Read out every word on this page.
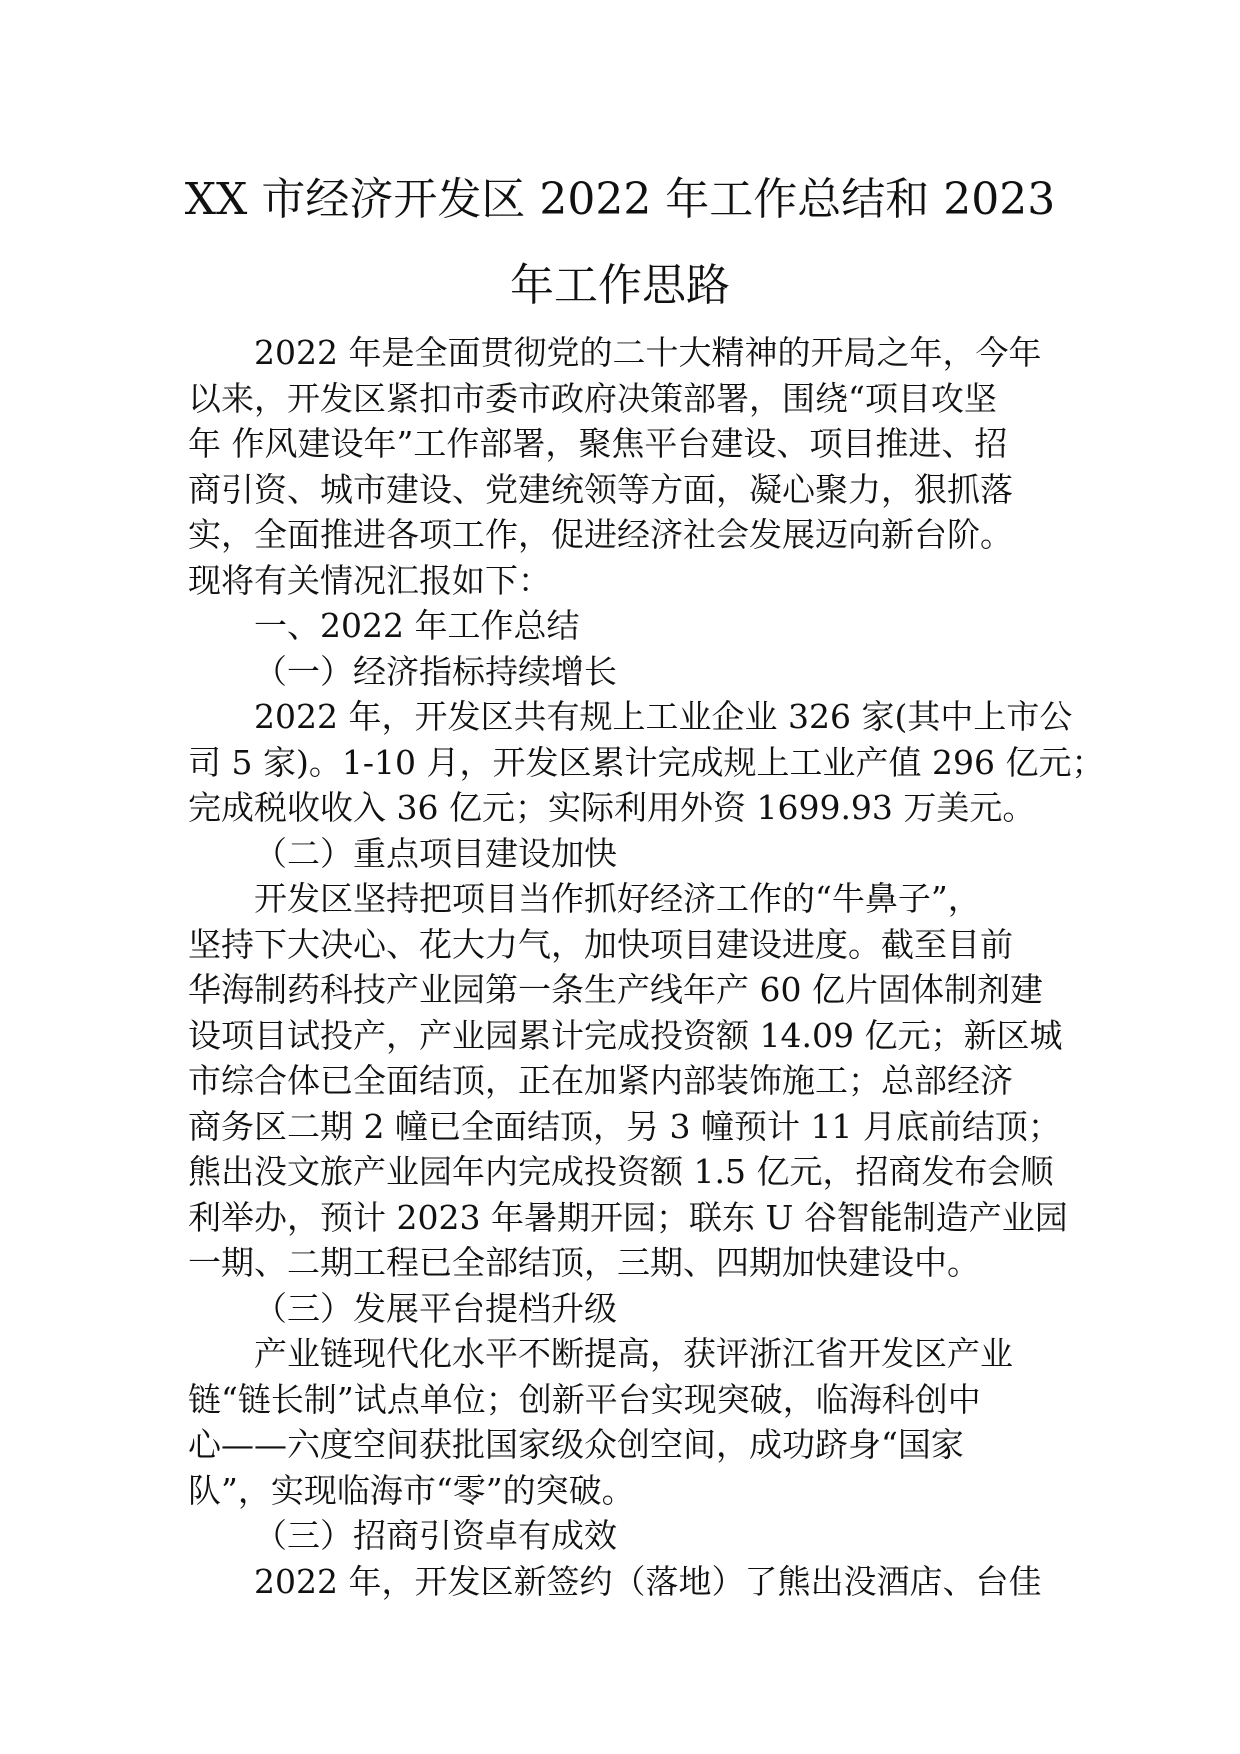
XX 市经济开发区 2022 年工作总结和 2023
年工作思路
2022 年是全面贯彻党的二十大精神的开局之年，今年
以来，开发区紧扣市委市政府决策部署，围绕“项目攻坚
年 作风建设年”工作部署，聚焦平台建设、项目推进、招
商引资、城市建设、党建统领等方面，凝心聚力，狠抓落
实，全面推进各项工作，促进经济社会发展迈向新台阶。
现将有关情况汇报如下：
一、2022 年工作总结
（一）经济指标持续增长
2022 年，开发区共有规上工业企业 326 家(其中上市公
司 5 家)。1-10 月，开发区累计完成规上工业产值 296 亿元；
完成税收收入 36 亿元；实际利用外资 1699.93 万美元。
（二）重点项目建设加快
开发区坚持把项目当作抓好经济工作的“牛鼻子”，
坚持下大决心、花大力气，加快项目建设进度。截至目前
华海制药科技产业园第一条生产线年产 60 亿片固体制剂建
设项目试投产，产业园累计完成投资额 14.09 亿元；新区城
市综合体已全面结顶，正在加紧内部装饰施工；总部经济
商务区二期 2 幢已全面结顶，另 3 幢预计 11 月底前结顶；
熊出没文旅产业园年内完成投资额 1.5 亿元，招商发布会顺
利举办，预计 2023 年暑期开园；联东 U 谷智能制造产业园
一期、二期工程已全部结顶，三期、四期加快建设中。
（三）发展平台提档升级
产业链现代化水平不断提高，获评浙江省开发区产业
链“链长制”试点单位；创新平台实现突破，临海科创中
心——六度空间获批国家级众创空间，成功跻身“国家
队”，实现临海市“零”的突破。
（三）招商引资卓有成效
2022 年，开发区新签约（落地）了熊出没酒店、台佳
